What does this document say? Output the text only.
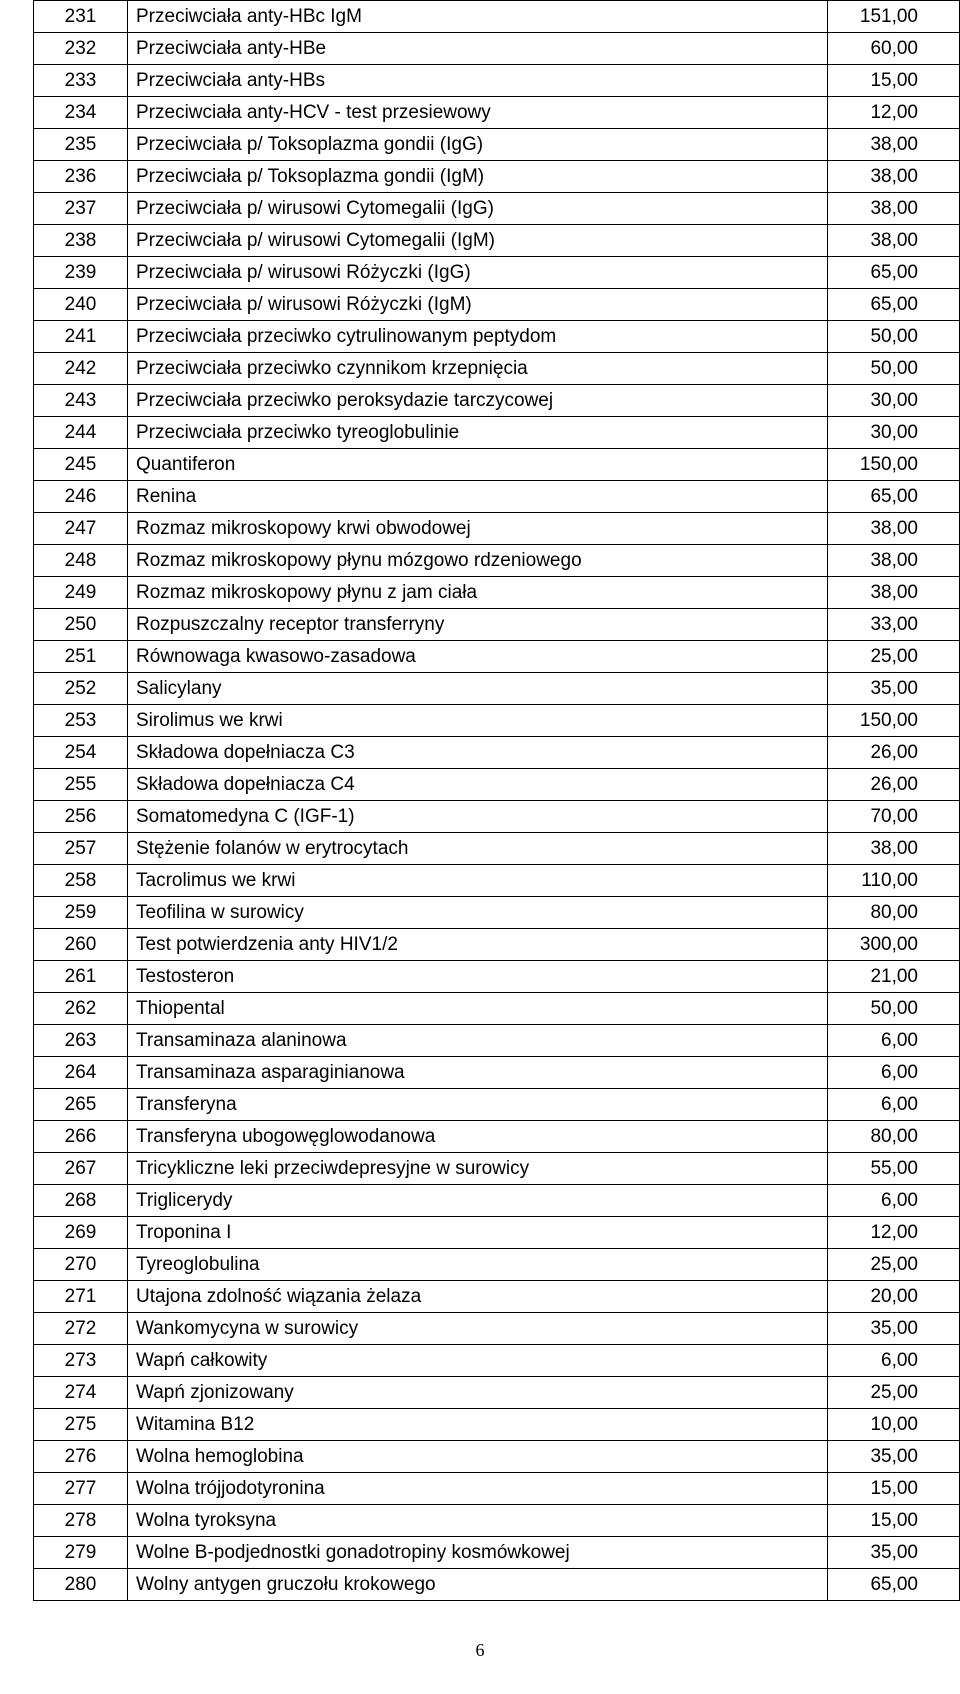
231	Przeciwciała anty-HBc IgM	151,00
232	Przeciwciała anty-HBe	60,00
233	Przeciwciała anty-HBs	15,00
234	Przeciwciała anty-HCV - test przesiewowy	12,00
235	Przeciwciała p/ Toksoplazma gondii (IgG)	38,00
236	Przeciwciała p/ Toksoplazma gondii (IgM)	38,00
237	Przeciwciała p/ wirusowi Cytomegalii (IgG)	38,00
238	Przeciwciała p/ wirusowi Cytomegalii (IgM)	38,00
239	Przeciwciała p/ wirusowi Różyczki (IgG)	65,00
240	Przeciwciała p/ wirusowi Różyczki (IgM)	65,00
241	Przeciwciała przeciwko cytrulinowanym peptydom	50,00
242	Przeciwciała przeciwko czynnikom krzepnięcia	50,00
243	Przeciwciała przeciwko peroksydazie tarczycowej	30,00
244	Przeciwciała przeciwko tyreoglobulinie	30,00
245	Quantiferon	150,00
246	Renina	65,00
247	Rozmaz mikroskopowy krwi obwodowej	38,00
248	Rozmaz mikroskopowy płynu mózgowo rdzeniowego	38,00
249	Rozmaz mikroskopowy płynu z jam ciała	38,00
250	Rozpuszczalny receptor transferryny	33,00
251	Równowaga kwasowo-zasadowa	25,00
252	Salicylany	35,00
253	Sirolimus we krwi	150,00
254	Składowa dopełniacza C3	26,00
255	Składowa dopełniacza C4	26,00
256	Somatomedyna C (IGF-1)	70,00
257	Stężenie folanów w erytrocytach	38,00
258	Tacrolimus we krwi	110,00
259	Teofilina w surowicy	80,00
260	Test potwierdzenia anty HIV1/2	300,00
261	Testosteron	21,00
262	Thiopental	50,00
263	Transaminaza alaninowa	6,00
264	Transaminaza asparaginianowa	6,00
265	Transferyna	6,00
266	Transferyna ubogowęglowodanowa	80,00
267	Tricykliczne leki przeciwdepresyjne w surowicy	55,00
268	Triglicerydy	6,00
269	Troponina I	12,00
270	Tyreoglobulina	25,00
271	Utajona zdolność wiązania żelaza	20,00
272	Wankomycyna w surowicy	35,00
273	Wapń całkowity	6,00
274	Wapń zjonizowany	25,00
275	Witamina B12	10,00
276	Wolna hemoglobina	35,00
277	Wolna trójjodotyronina	15,00
278	Wolna tyroksyna	15,00
279	Wolne B-podjednostki gonadotropiny kosmówkowej	35,00
280	Wolny antygen gruczołu krokowego	65,00
6
